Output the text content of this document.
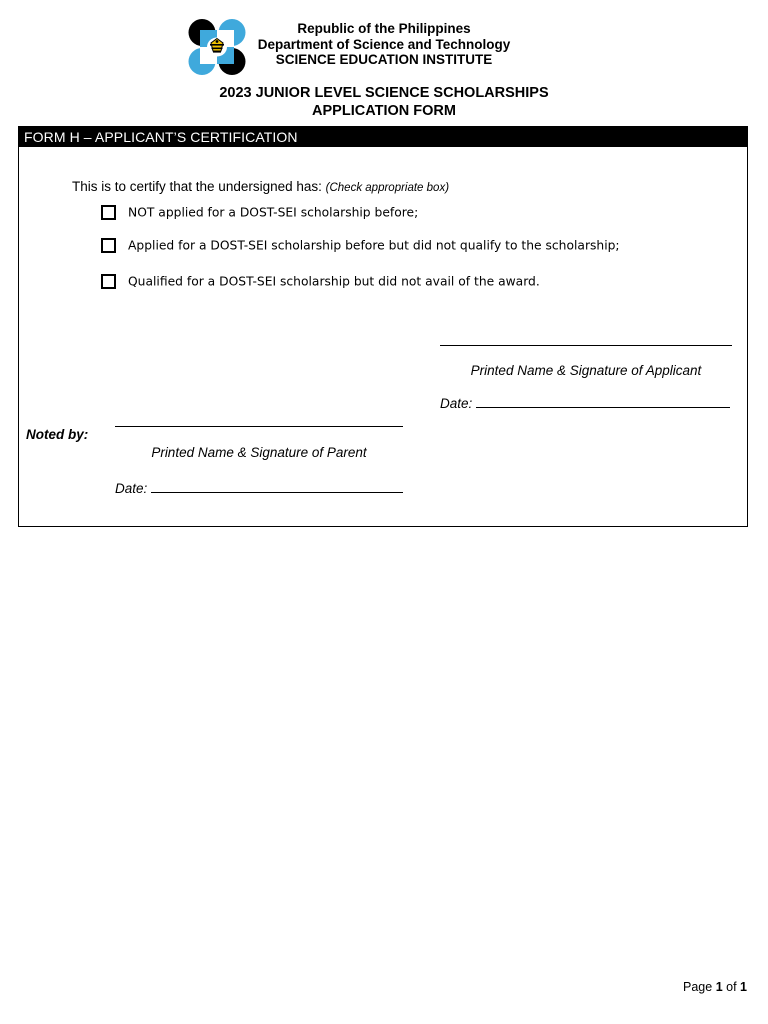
Republic of the Philippines
Department of Science and Technology
SCIENCE EDUCATION INSTITUTE
2023 JUNIOR LEVEL SCIENCE SCHOLARSHIPS
APPLICATION FORM
FORM H – APPLICANT’S CERTIFICATION
This is to certify that the undersigned has: (Check appropriate box)
NOT applied for a DOST-SEI scholarship before;
Applied for a DOST-SEI scholarship before but did not qualify to the scholarship;
Qualified for a DOST-SEI scholarship but did not avail of the award.
Printed Name & Signature of Applicant
Date:
Noted by:
Printed Name & Signature of Parent
Date:
Page 1 of 1
